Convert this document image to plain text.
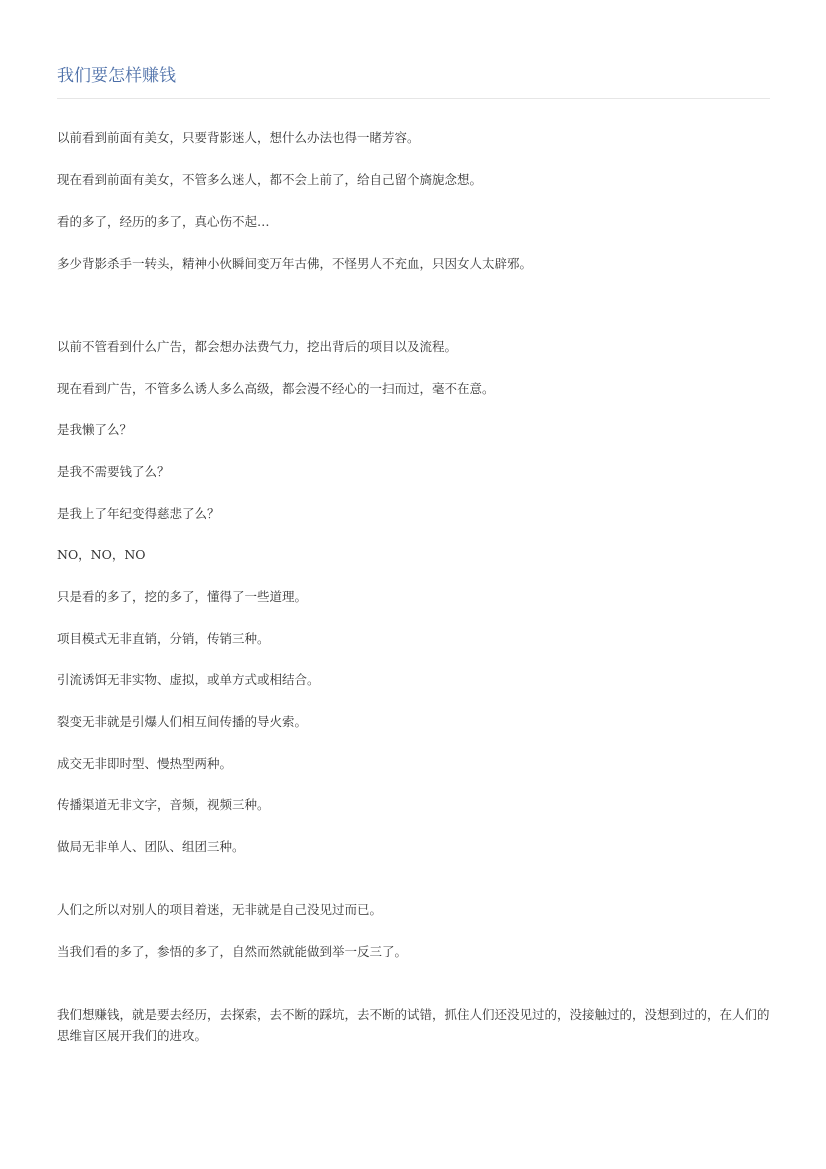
我们要怎样赚钱

以前看到前面有美女，只要背影迷人，想什么办法也得一睹芳容。

现在看到前面有美女，不管多么迷人，都不会上前了，给自己留个旖旎念想。

看的多了，经历的多了，真心伤不起…

多少背影杀手一转头，精神小伙瞬间变万年古佛，不怪男人不充血，只因女人太辟邪。

以前不管看到什么广告，都会想办法费气力，挖出背后的项目以及流程。

现在看到广告，不管多么诱人多么高级，都会漫不经心的一扫而过，毫不在意。

是我懒了么？

是我不需要钱了么？

是我上了年纪变得慈悲了么？

NO，NO，NO

只是看的多了，挖的多了，懂得了一些道理。

项目模式无非直销，分销，传销三种。

引流诱饵无非实物、虚拟，或单方式或相结合。

裂变无非就是引爆人们相互间传播的导火索。

成交无非即时型、慢热型两种。

传播渠道无非文字，音频，视频三种。

做局无非单人、团队、组团三种。

人们之所以对别人的项目着迷，无非就是自己没见过而已。

当我们看的多了，参悟的多了，自然而然就能做到举一反三了。

我们想赚钱，就是要去经历，去探索，去不断的踩坑，去不断的试错，抓住人们还没见过的，没接触过的，没想到过的，在人们的思维盲区展开我们的进攻。
